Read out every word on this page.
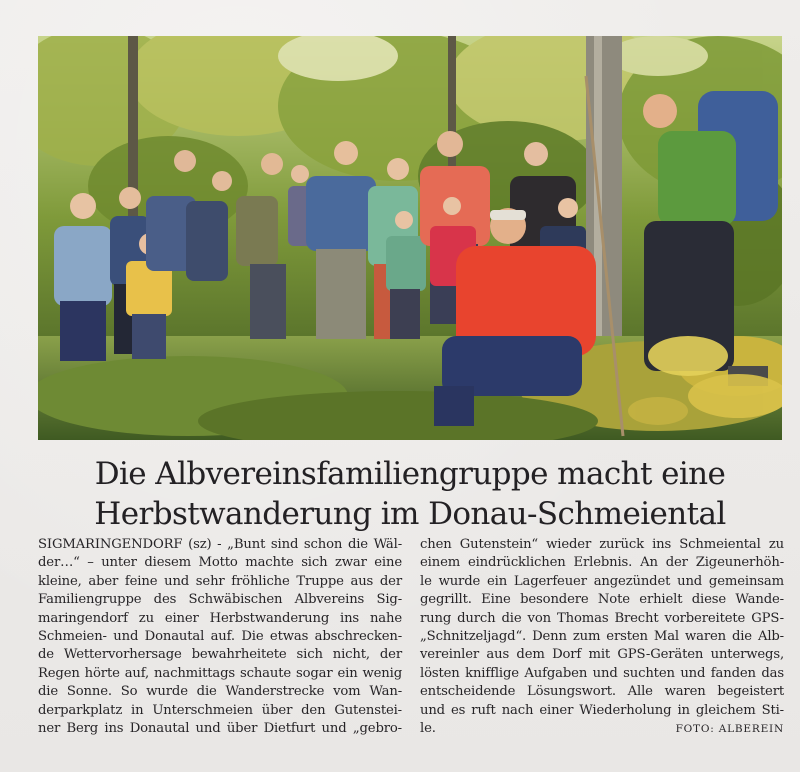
Die Albvereinsfamiliengruppe macht eine
Herbstwanderung im Donau-Schmeiental
SIGMARINGENDORF (sz) - „Bunt sind schon die Wäl-
der…“ – unter diesem Motto machte sich zwar eine
kleine, aber feine und sehr fröhliche Truppe aus der
Familiengruppe des Schwäbischen Albvereins Sig-
maringendorf zu einer Herbstwanderung ins nahe
Schmeien- und Donautal auf. Die etwas abschrecken-
de Wettervorhersage bewahrheitete sich nicht, der
Regen hörte auf, nachmittags schaute sogar ein wenig
die Sonne. So wurde die Wanderstrecke vom Wan-
derparkplatz in Unterschmeien über den Gutenstei-
ner Berg ins Donautal und über Dietfurt und „gebro-
chen Gutenstein“ wieder zurück ins Schmeiental zu
einem eindrücklichen Erlebnis. An der Zigeunerhöh-
le wurde ein Lagerfeuer angezündet und gemeinsam
gegrillt. Eine besondere Note erhielt diese Wande-
rung durch die von Thomas Brecht vorbereitete GPS-
„Schnitzeljagd“. Denn zum ersten Mal waren die Alb-
vereinler aus dem Dorf mit GPS-Geräten unterwegs,
lösten knifflige Aufgaben und suchten und fanden das
entscheidende Lösungswort. Alle waren begeistert
und es ruft nach einer Wiederholung in gleichem Sti-
le.	FOTO: ALBEREIN
